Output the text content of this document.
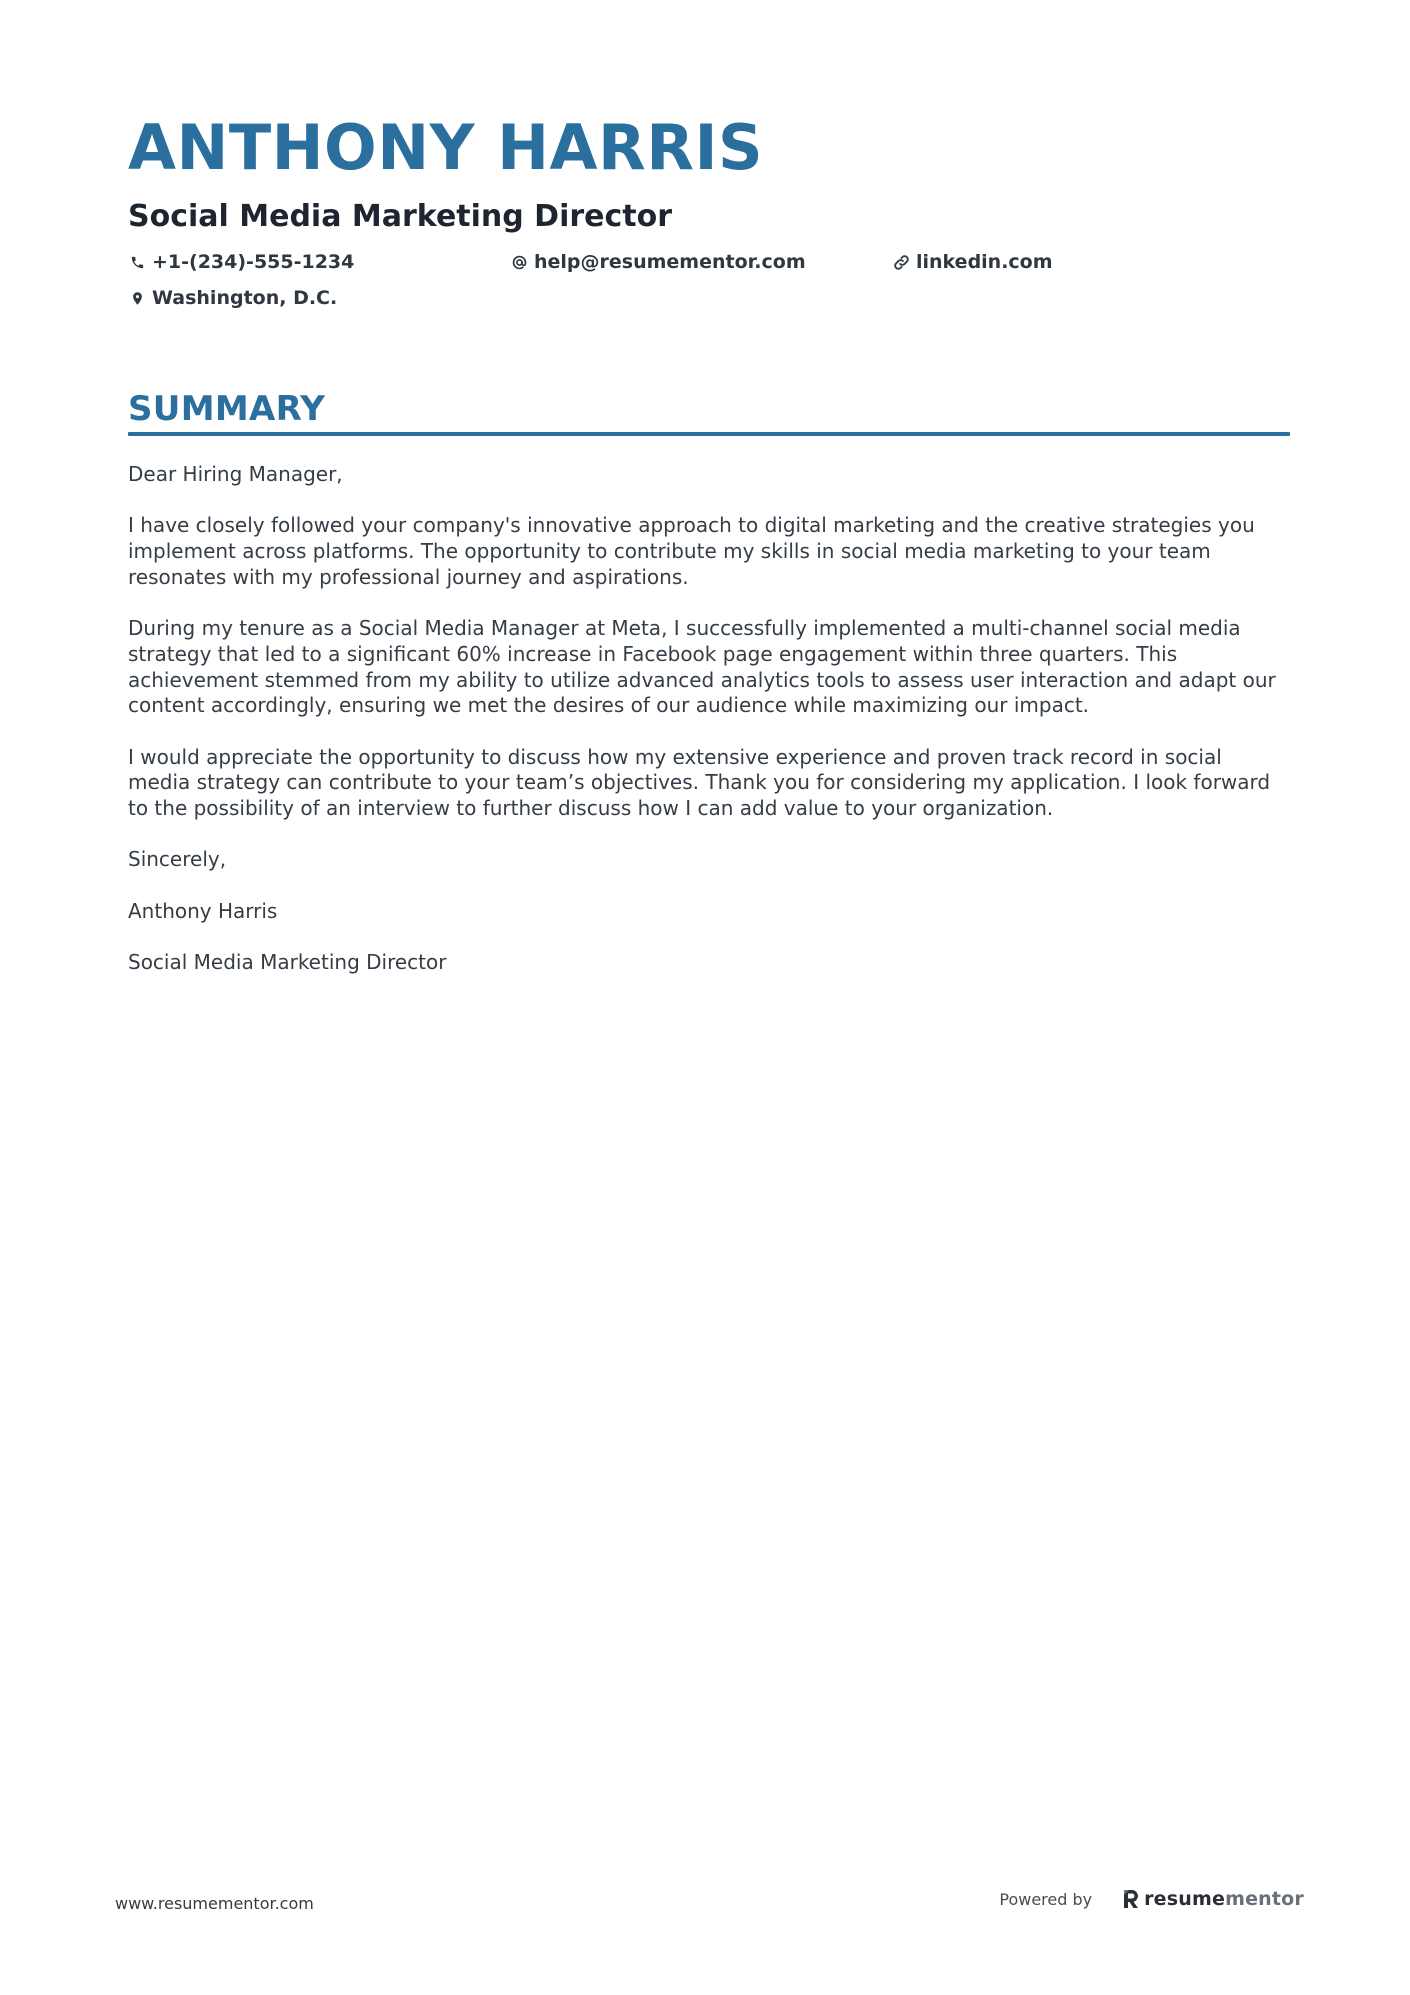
ANTHONY HARRIS
Social Media Marketing Director
+1-(234)-555-1234	help@resumementor.com	linkedin.com
Washington, D.C.
SUMMARY

Dear Hiring Manager,

I have closely followed your company's innovative approach to digital marketing and the creative strategies you implement across platforms. The opportunity to contribute my skills in social media marketing to your team resonates with my professional journey and aspirations.

During my tenure as a Social Media Manager at Meta, I successfully implemented a multi-channel social media strategy that led to a significant 60% increase in Facebook page engagement within three quarters. This achievement stemmed from my ability to utilize advanced analytics tools to assess user interaction and adapt our content accordingly, ensuring we met the desires of our audience while maximizing our impact.

I would appreciate the opportunity to discuss how my extensive experience and proven track record in social media strategy can contribute to your team’s objectives. Thank you for considering my application. I look forward to the possibility of an interview to further discuss how I can add value to your organization.

Sincerely,

Anthony Harris

Social Media Marketing Director

www.resumementor.com	Powered by	resume mentor
